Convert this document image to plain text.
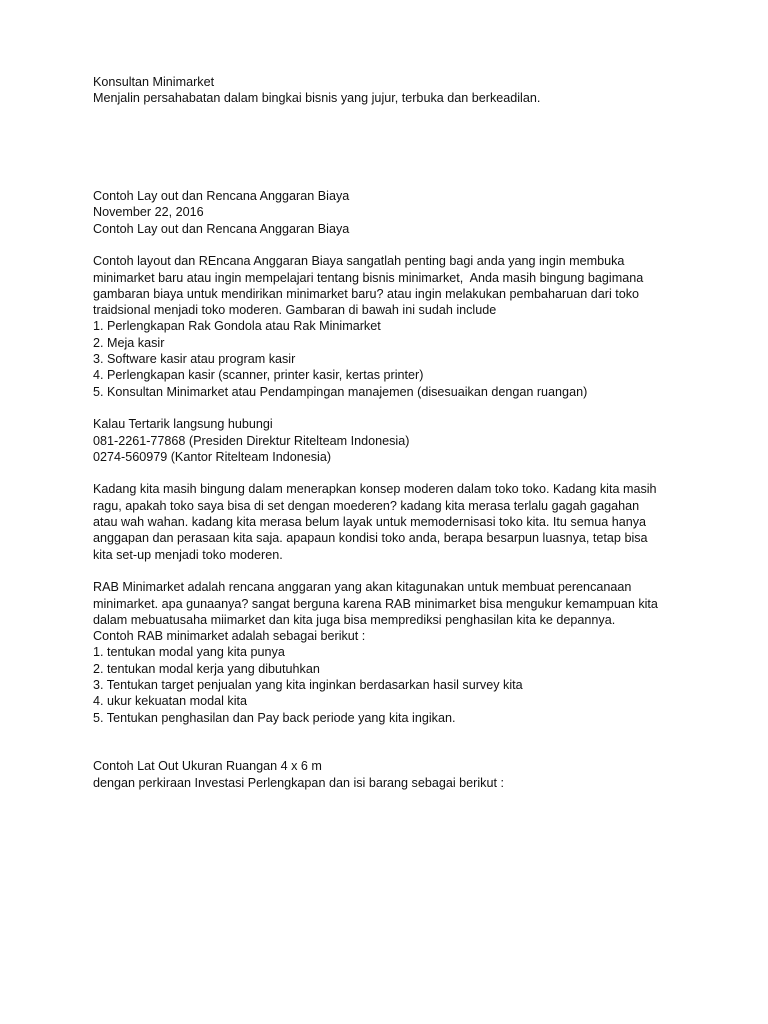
Konsultan Minimarket

Menjalin persahabatan dalam bingkai bisnis yang jujur, terbuka dan berkeadilan.

Contoh Lay out dan Rencana Anggaran Biaya

November 22, 2016

Contoh Lay out dan Rencana Anggaran Biaya

Contoh layout dan REncana Anggaran Biaya sangatlah penting bagi anda yang ingin membuka

minimarket baru atau ingin mempelajari tentang bisnis minimarket,  Anda masih bingung bagimana

gambaran biaya untuk mendirikan minimarket baru? atau ingin melakukan pembaharuan dari toko

traidsional menjadi toko moderen. Gambaran di bawah ini sudah include

1. Perlengkapan Rak Gondola atau Rak Minimarket

2. Meja kasir

3. Software kasir atau program kasir

4. Perlengkapan kasir (scanner, printer kasir, kertas printer)

5. Konsultan Minimarket atau Pendampingan manajemen (disesuaikan dengan ruangan)

Kalau Tertarik langsung hubungi

081-2261-77868 (Presiden Direktur Ritelteam Indonesia)

0274-560979 (Kantor Ritelteam Indonesia)

Kadang kita masih bingung dalam menerapkan konsep moderen dalam toko toko. Kadang kita masih

ragu, apakah toko saya bisa di set dengan moederen? kadang kita merasa terlalu gagah gagahan

atau wah wahan. kadang kita merasa belum layak untuk memodernisasi toko kita. Itu semua hanya

anggapan dan perasaan kita saja. apapaun kondisi toko anda, berapa besarpun luasnya, tetap bisa

kita set-up menjadi toko moderen.

RAB Minimarket adalah rencana anggaran yang akan kitagunakan untuk membuat perencanaan

minimarket. apa gunaanya? sangat berguna karena RAB minimarket bisa mengukur kemampuan kita

dalam mebuatusaha miimarket dan kita juga bisa memprediksi penghasilan kita ke depannya.

Contoh RAB minimarket adalah sebagai berikut :

1. tentukan modal yang kita punya

2. tentukan modal kerja yang dibutuhkan

3. Tentukan target penjualan yang kita inginkan berdasarkan hasil survey kita

4. ukur kekuatan modal kita

5. Tentukan penghasilan dan Pay back periode yang kita ingikan.

Contoh Lat Out Ukuran Ruangan 4 x 6 m

dengan perkiraan Investasi Perlengkapan dan isi barang sebagai berikut :
